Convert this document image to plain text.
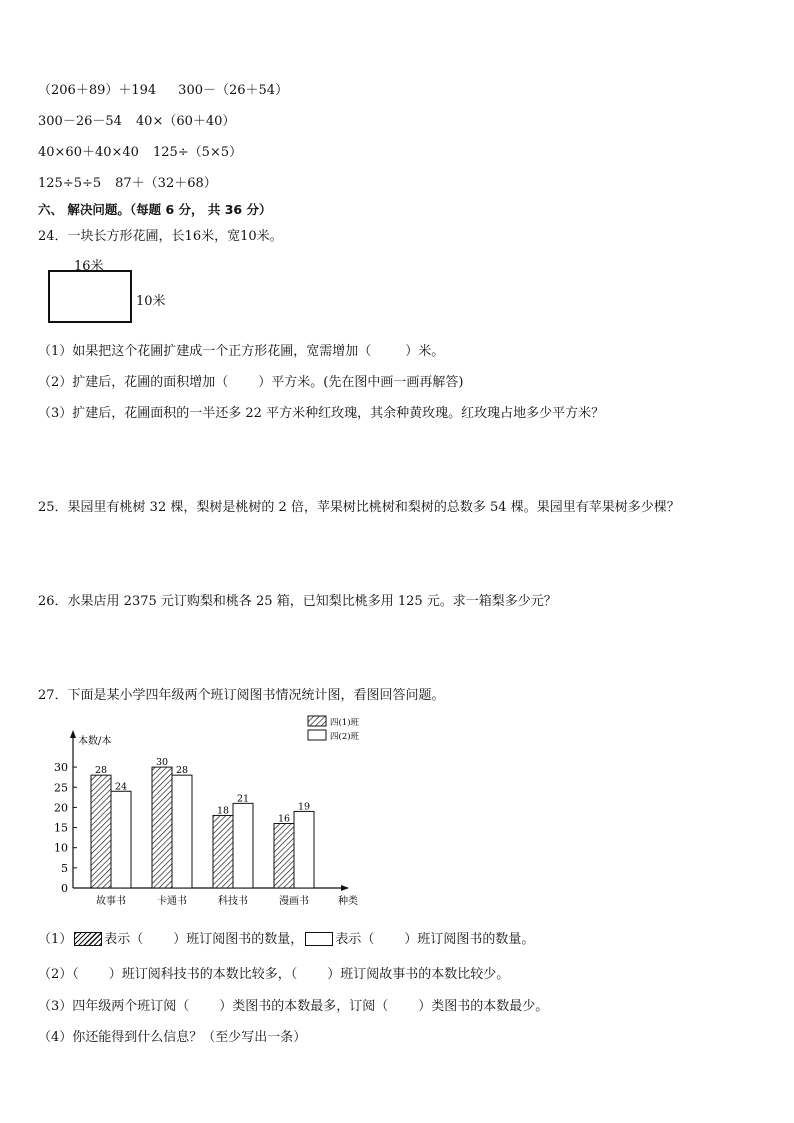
（206＋89）＋194 300－（26＋54）
300－26－54 40×（60＋40）
40×60＋40×40 125÷（5×5）
125÷5÷5 87＋（32＋68）
六、 解决问题。（每题 6 分， 共 36 分）
24．一块长方形花圃，长16米，宽10米。
16米
10米
（1）如果把这个花圃扩建成一个正方形花圃，宽需增加（	）米。
（2）扩建后，花圃的面积增加（ ）平方米。(先在图中画一画再解答)
（3）扩建后，花圃面积的一半还多 22 平方米种红玫瑰，其余种黄玫瑰。红玫瑰占地多少平方米？
25．果园里有桃树 32 棵，梨树是桃树的 2 倍，苹果树比桃树和梨树的总数多 54 棵。果园里有苹果树多少棵？
26．水果店用 2375 元订购梨和桃各 25 箱，已知梨比桃多用 125 元。求一箱梨多少元？
27．下面是某小学四年级两个班订阅图书情况统计图，看图回答问题。
本数/本
种类
0
5
10
15
20
25
30	28
24
故事书
30
28
卡通书
18
21
科技书
16
19
漫画书
四(1)班
四(2)班
（1） 表示（ ）班订阅图书的数量， 表示（ ）班订阅图书的数量。
（2）（ ）班订阅科技书的本数比较多，（ ）班订阅故事书的本数比较少。
（3）四年级两个班订阅（ ）类图书的本数最多，订阅（ ）类图书的本数最少。
（4）你还能得到什么信息？（至少写出一条）
